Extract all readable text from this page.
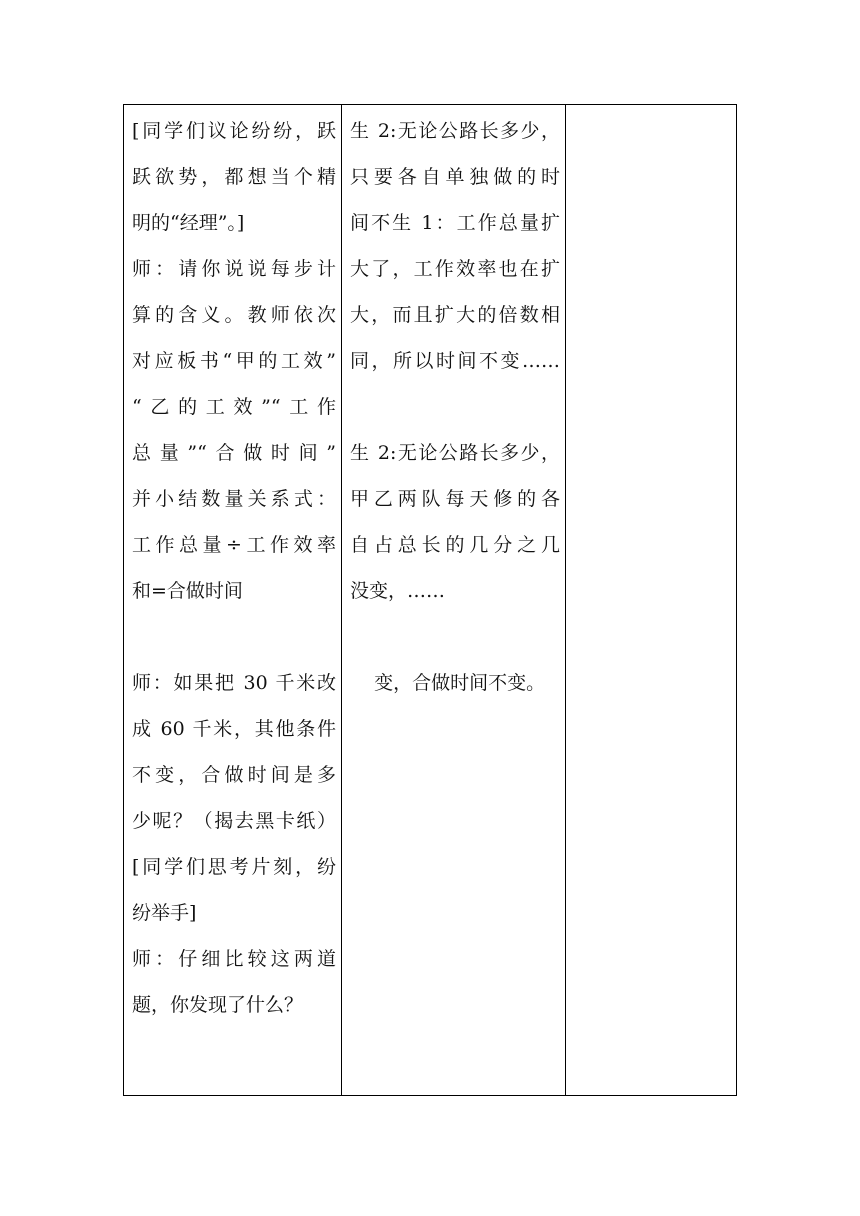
[同学们议论纷纷，跃
跃欲势，都想当个精
明的“经理”。]
师：请你说说每步计
算的含义。教师依次
对应板书“甲的工效”
“乙的工效”“工作
总量”“合做时间”
并小结数量关系式：
工作总量÷工作效率
和=合做时间
师：如果把 30 千米改
成 60 千米，其他条件
不变，合做时间是多
少呢？（揭去黑卡纸）
[同学们思考片刻，纷
纷举手]
师：仔细比较这两道
题，你发现了什么？
生 2:无论公路长多少，
只要各自单独做的时
间不生 1：工作总量扩
大了，工作效率也在扩
大，而且扩大的倍数相
同，所以时间不变……
生 2:无论公路长多少，
甲乙两队每天修的各
自占总长的几分之几
没变，……
变，合做时间不变。
